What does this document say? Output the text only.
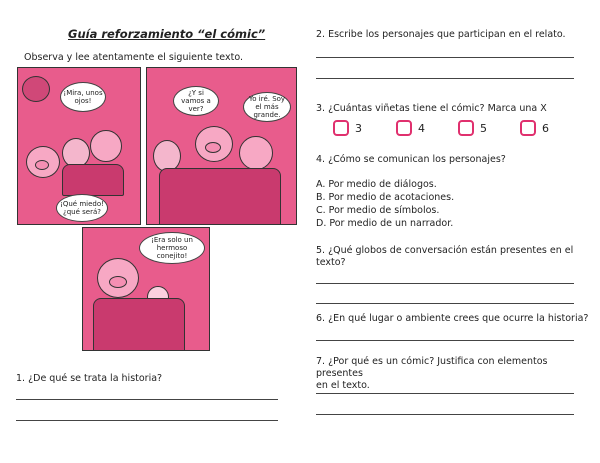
Guía reforzamiento “el cómic”
Observa y lee atentamente el siguiente texto.
¡Mira, unos ojos!
¡Qué miedo! ¿qué será?
¿Y si vamos a ver?
Yo iré. Soy el más grande.
¡Era solo un hermoso conejito!
1. ¿De qué se trata la historia?
2. Escribe los personajes que participan en el relato.
3. ¿Cuántas viñetas tiene el cómic? Marca una X
3	4	5	6
4. ¿Cómo se comunican los personajes?
A. Por medio de diálogos.
B. Por medio de acotaciones.
C. Por medio de símbolos.
D. Por medio de un narrador.
5. ¿Qué globos de conversación están presentes en el
texto?
6. ¿En qué lugar o ambiente crees que ocurre la historia?
7. ¿Por qué es un cómic? Justifica con elementos presentes
en el texto.
